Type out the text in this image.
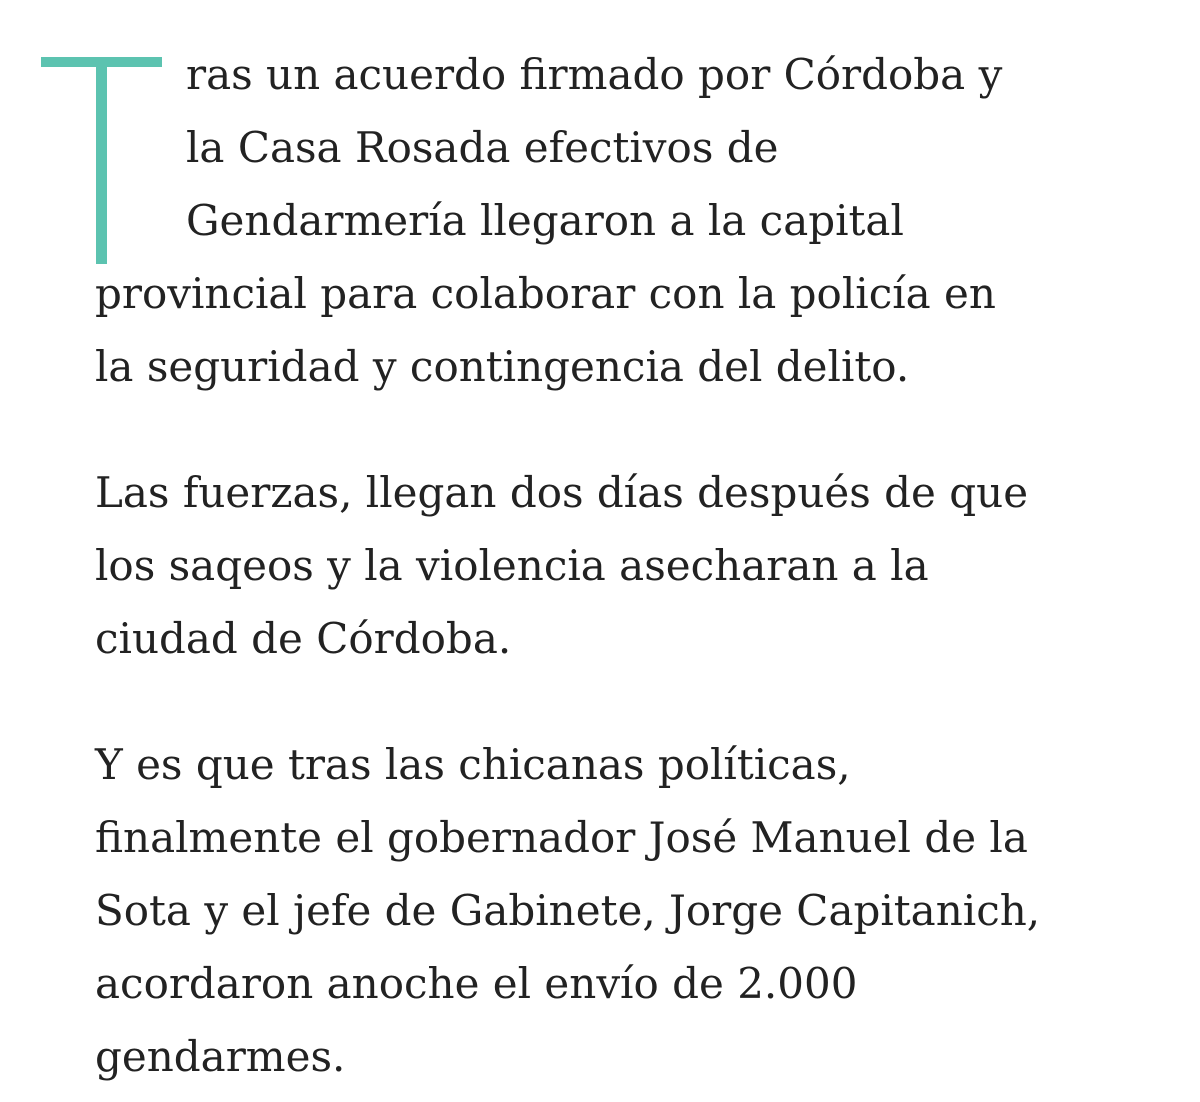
ras un acuerdo firmado por Córdoba y
la Casa Rosada efectivos de
Gendarmería llegaron a la capital
provincial para colaborar con la policía en
la seguridad y contingencia del delito.

Las fuerzas, llegan dos días después de que
los saqeos y la violencia asecharan a la
ciudad de Córdoba.

Y es que tras las chicanas políticas,
finalmente el gobernador José Manuel de la
Sota y el jefe de Gabinete, Jorge Capitanich,
acordaron anoche el envío de 2.000
gendarmes.
